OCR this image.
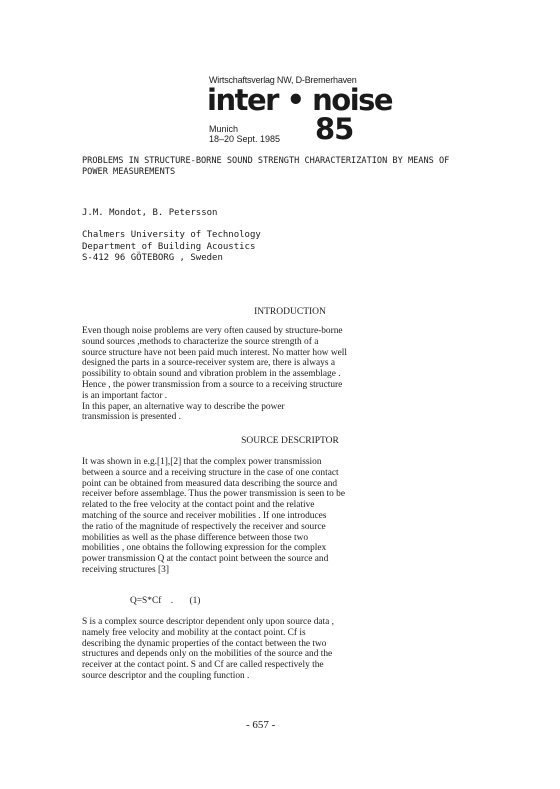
Wirtschaftsverlag NW, D-Bremerhaven
inter • noise
Munich
18–20 Sept. 1985 85
PROBLEMS IN STRUCTURE-BORNE SOUND STRENGTH CHARACTERIZATION BY MEANS OF
POWER MEASUREMENTS
J.M. Mondot, B. Petersson
Chalmers University of Technology
Department of Building Acoustics
S-412 96 GÖTEBORG , Sweden
INTRODUCTION
Even though noise problems are very often caused by structure-borne
sound sources ,methods to characterize the source strength of a
source structure have not been paid much interest. No matter how well
designed the parts in a source-receiver system are, there is always a
possibility to obtain sound and vibration problem in the assemblage .
Hence , the power transmission from a source to a receiving structure
is an important factor .
In this paper, an alternative way to describe the power
transmission is presented .
SOURCE DESCRIPTOR
It was shown in e.g.[1],[2] that the complex power transmission
between a source and a receiving structure in the case of one contact
point can be obtained from measured data describing the source and
receiver before assemblage. Thus the power transmission is seen to be
related to the free velocity at the contact point and the relative
matching of the source and receiver mobilities . If one introduces
the ratio of the magnitude of respectively the receiver and source
mobilities as well as the phase difference between those two
mobilities , one obtains the following expression for the complex
power transmission Q at the contact point between the source and
receiving structures [3]
Q=S*Cf    .       (1)
S is a complex source descriptor dependent only upon source data ,
namely free velocity and mobility at the contact point. Cf is
describing the dynamic properties of the contact between the two
structures and depends only on the mobilities of the source and the
receiver at the contact point. S and Cf are called respectively the
source descriptor and the coupling function .
- 657 -
